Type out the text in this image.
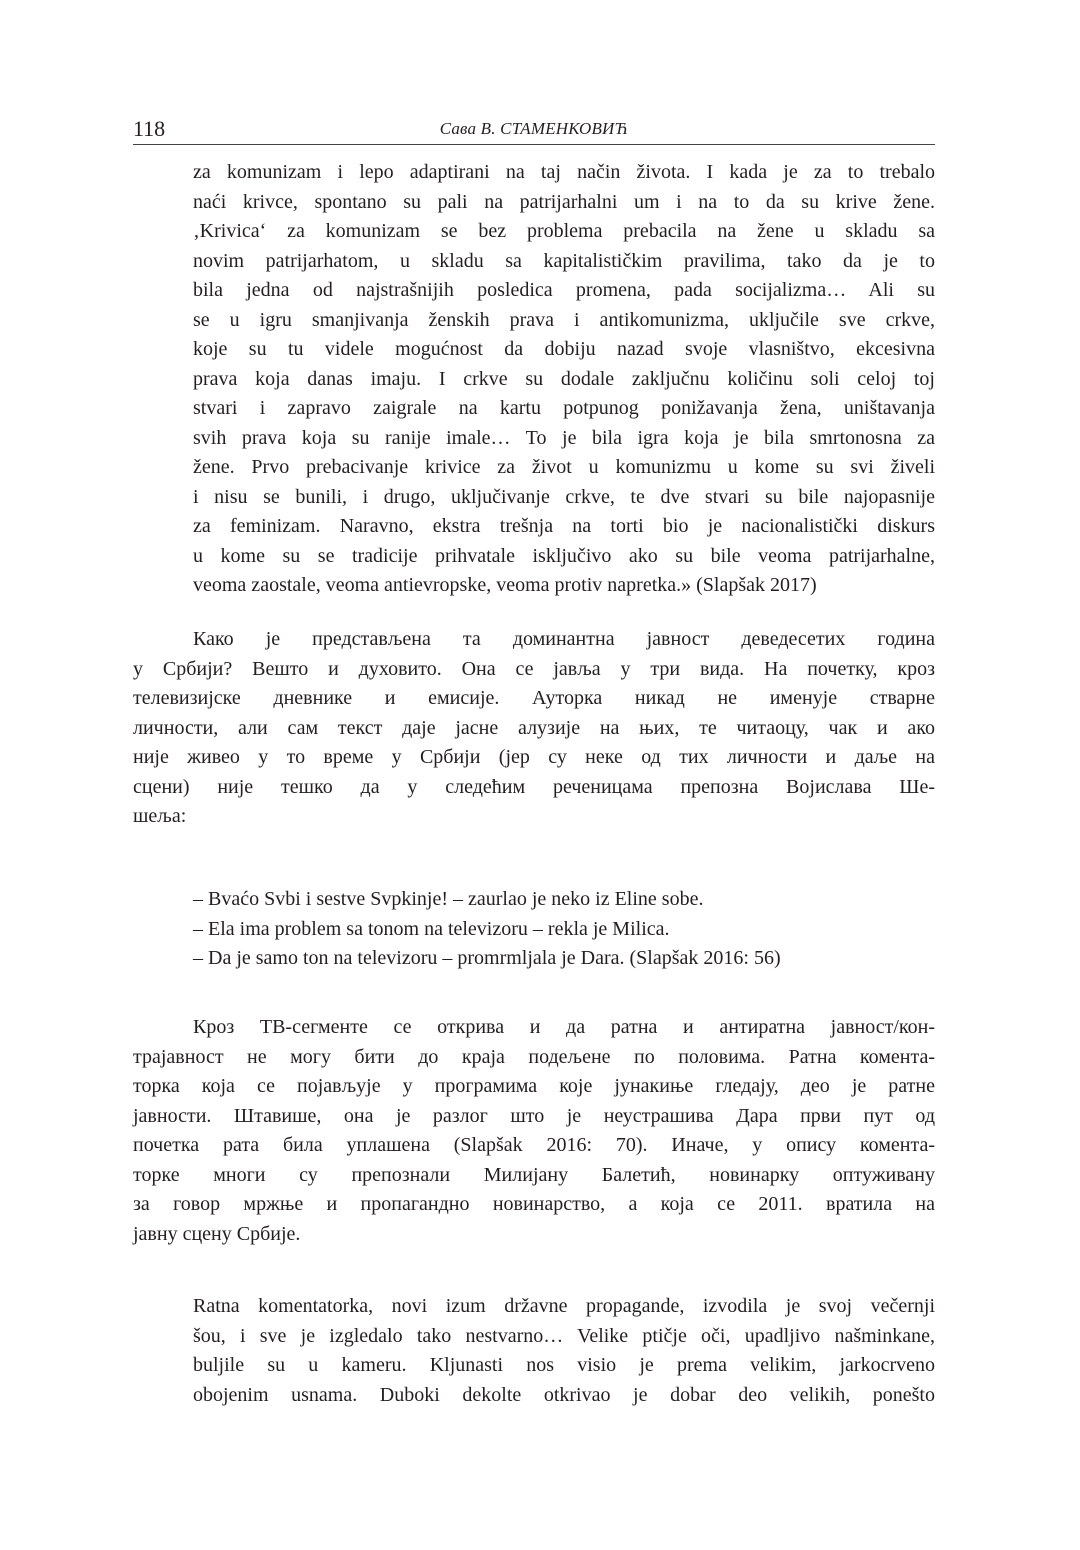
118	Сава В. СТАМЕНКОВИЋ
za komunizam i lepo adaptirani na taj način života. I kada je za to trebalo
naći krivce, spontano su pali na patrijarhalni um i na to da su krive žene.
‚Krivica‘ za komunizam se bez problema prebacila na žene u skladu sa
novim patrijarhatom, u skladu sa kapitalističkim pravilima, tako da je to
bila jedna od najstrašnijih posledica promena, pada socijalizma… Ali su
se u igru smanjivanja ženskih prava i antikomunizma, uključile sve crkve,
koje su tu videle mogućnost da dobiju nazad svoje vlasništvo, ekcesivna
prava koja danas imaju. I crkve su dodale zaključnu količinu soli celoj toj
stvari i zapravo zaigrale na kartu potpunog ponižavanja žena, uništavanja
svih prava koja su ranije imale… To je bila igra koja je bila smrtonosna za
žene. Prvo prebacivanje krivice za život u komunizmu u kome su svi živeli
i nisu se bunili, i drugo, uključivanje crkve, te dve stvari su bile najopasnije
za feminizam. Naravno, ekstra trešnja na torti bio je nacionalistički diskurs
u kome su se tradicije prihvatale isključivo ako su bile veoma patrijarhalne,
veoma zaostale, veoma antievropske, veoma protiv napretka.» (Slapšak 2017)
Како је представљена та доминантна јавност деведесетих година
у Србији? Вешто и духовито. Она се јавља у три вида. На почетку, кроз
телевизијске дневнике и емисије. Ауторка никад не именује стварне
личности, али сам текст даје јасне алузије на њих, те читаоцу, чак и ако
није живео у то време у Србији (јер су неке од тих личности и даље на
сцени) није тешко да у следећим реченицама препозна Војислава Ше-
шеља:
– Bvaćo Svbi i sestve Svpkinje! – zaurlao je neko iz Eline sobe.
– Ela ima problem sa tonom na televizoru – rekla je Milica.
– Da je samo ton na televizoru – promrmljala je Dara. (Slapšak 2016: 56)
Кроз ТВ-сегменте се открива и да ратна и антиратна јавност/кон-
трајавност не могу бити до краја подељене по половима. Ратна комента-
торка која се појављује у програмима које јунакиње гледају, део је ратне
јавности. Штавише, она је разлог што је неустрашива Дара први пут од
почетка рата била уплашена (Slapšak 2016: 70). Иначе, у опису комента-
торке многи су препознали Милијану Балетић, новинарку оптуживану
за говор мржње и пропагандно новинарство, а која се 2011. вратила на
јавну сцену Србије.
Ratna komentatorka, novi izum državne propagande, izvodila je svoj večernji
šou, i sve je izgledalo tako nestvarno… Velike ptičje oči, upadljivo našminkane,
buljile su u kameru. Kljunasti nos visio je prema velikim, jarkocrveno
obojenim usnama. Duboki dekolte otkrivao je dobar deo velikih, ponešto
